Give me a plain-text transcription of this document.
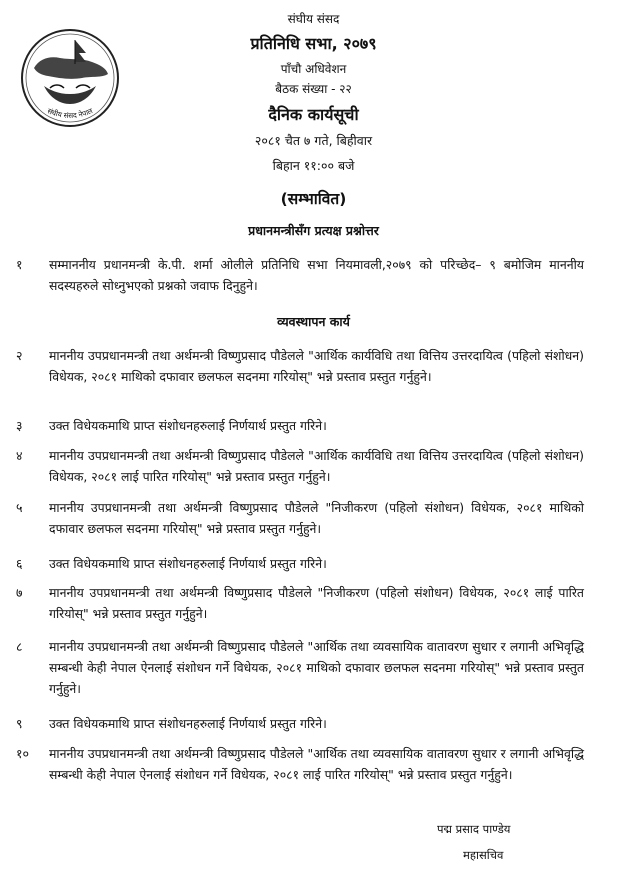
संघीय संसद नेपाल
संघीय संसद
प्रतिनिधि सभा, २०७९
पाँचौ अधिवेशन
बैठक संख्या - २२
दैनिक कार्यसूची
२०८१ चैत ७ गते, बिहीवार
बिहान ११:०० बजे
(सम्भावित)
प्रधानमन्त्रीसँग प्रत्यक्ष प्रश्नोत्तर
१ सम्माननीय प्रधानमन्त्री के.पी. शर्मा ओलीले प्रतिनिधि सभा नियमावली,२०७९ को परिच्छेद– ९ बमोजिम माननीय सदस्यहरुले सोध्नुभएको प्रश्नको जवाफ दिनुहुने।
व्यवस्थापन कार्य
२ माननीय उपप्रधानमन्त्री तथा अर्थमन्त्री विष्णुप्रसाद पौडेलले "आर्थिक कार्यविधि तथा वित्तिय उत्तरदायित्व (पहिलो संशोधन) विधेयक, २०८१ माथिको दफावार छलफल सदनमा गरियोस्" भन्ने प्रस्ताव प्रस्तुत गर्नुहुने।
३ उक्त विधेयकमाथि प्राप्त संशोधनहरुलाई निर्णयार्थ प्रस्तुत गरिने।
४ माननीय उपप्रधानमन्त्री तथा अर्थमन्त्री विष्णुप्रसाद पौडेलले "आर्थिक कार्यविधि तथा वित्तिय उत्तरदायित्व (पहिलो संशोधन) विधेयक, २०८१ लाई पारित गरियोस्" भन्ने प्रस्ताव प्रस्तुत गर्नुहुने।
५ माननीय उपप्रधानमन्त्री तथा अर्थमन्त्री विष्णुप्रसाद पौडेलले "निजीकरण (पहिलो संशोधन) विधेयक, २०८१ माथिको दफावार छलफल सदनमा गरियोस्" भन्ने प्रस्ताव प्रस्तुत गर्नुहुने।
६ उक्त विधेयकमाथि प्राप्त संशोधनहरुलाई निर्णयार्थ प्रस्तुत गरिने।
७ माननीय उपप्रधानमन्त्री तथा अर्थमन्त्री विष्णुप्रसाद पौडेलले "निजीकरण (पहिलो संशोधन) विधेयक, २०८१ लाई पारित गरियोस्" भन्ने प्रस्ताव प्रस्तुत गर्नुहुने।
८ माननीय उपप्रधानमन्त्री तथा अर्थमन्त्री विष्णुप्रसाद पौडेलले "आर्थिक तथा व्यवसायिक वातावरण सुधार र लगानी अभिवृद्धि सम्बन्धी केही नेपाल ऐनलाई संशोधन गर्ने विधेयक, २०८१ माथिको दफावार छलफल सदनमा गरियोस्" भन्ने प्रस्ताव प्रस्तुत गर्नुहुने।
९ उक्त विधेयकमाथि प्राप्त संशोधनहरुलाई निर्णयार्थ प्रस्तुत गरिने।
१० माननीय उपप्रधानमन्त्री तथा अर्थमन्त्री विष्णुप्रसाद पौडेलले "आर्थिक तथा व्यवसायिक वातावरण सुधार र लगानी अभिवृद्धि सम्बन्धी केही नेपाल ऐनलाई संशोधन गर्ने विधेयक, २०८१ लाई पारित गरियोस्" भन्ने प्रस्ताव प्रस्तुत गर्नुहुने।
पद्म प्रसाद पाण्डेय
महासचिव
